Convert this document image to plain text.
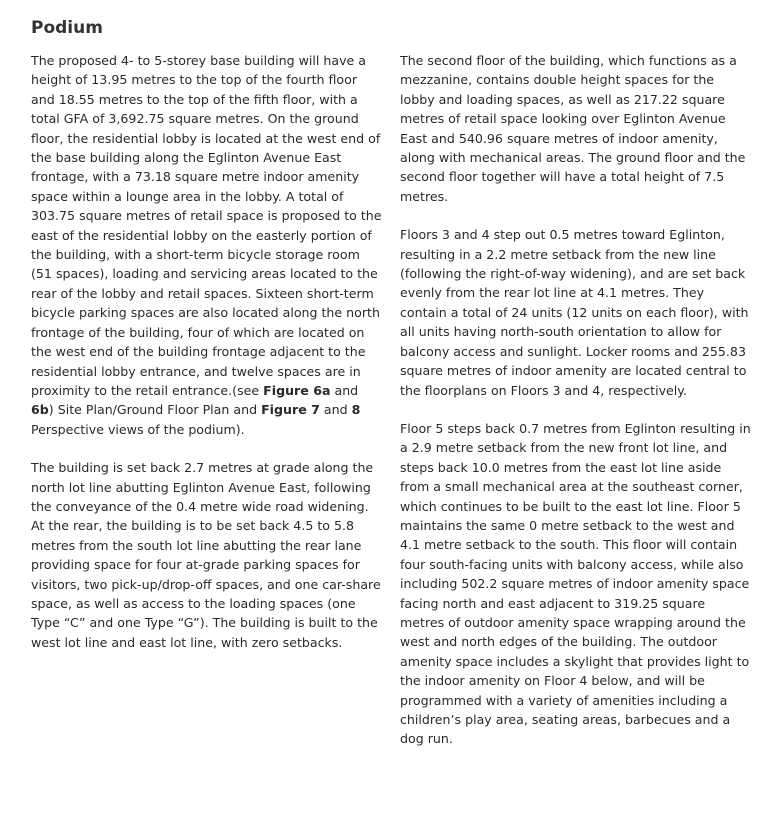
Podium

The proposed 4- to 5-storey base building will have a height of 13.95 metres to the top of the fourth floor and 18.55 metres to the top of the fifth floor, with a total GFA of 3,692.75 square metres. On the ground floor, the residential lobby is located at the west end of the base building along the Eglinton Avenue East frontage, with a 73.18 square metre indoor amenity space within a lounge area in the lobby. A total of 303.75 square metres of retail space is proposed to the east of the residential lobby on the easterly portion of the building, with a short-term bicycle storage room (51 spaces), loading and servicing areas located to the rear of the lobby and retail spaces. Sixteen short-term bicycle parking spaces are also located along the north frontage of the building, four of which are located on the west end of the building frontage adjacent to the residential lobby entrance, and twelve spaces are in proximity to the retail entrance.(see Figure 6a and 6b) Site Plan/Ground Floor Plan and Figure 7 and 8 Perspective views of the podium).

The building is set back 2.7 metres at grade along the north lot line abutting Eglinton Avenue East, following the conveyance of the 0.4 metre wide road widening. At the rear, the building is to be set back 4.5 to 5.8 metres from the south lot line abutting the rear lane providing space for four at-grade parking spaces for visitors, two pick-up/drop-off spaces, and one car-share space, as well as access to the loading spaces (one Type “C” and one Type “G”). The building is built to the west lot line and east lot line, with zero setbacks.

The second floor of the building, which functions as a mezzanine, contains double height spaces for the lobby and loading spaces, as well as 217.22 square metres of retail space looking over Eglinton Avenue East and 540.96 square metres of indoor amenity, along with mechanical areas. The ground floor and the second floor together will have a total height of 7.5 metres.

Floors 3 and 4 step out 0.5 metres toward Eglinton, resulting in a 2.2 metre setback from the new line (following the right-of-way widening), and are set back evenly from the rear lot line at 4.1 metres. They contain a total of 24 units (12 units on each floor), with all units having north-south orientation to allow for balcony access and sunlight. Locker rooms and 255.83 square metres of indoor amenity are located central to the floorplans on Floors 3 and 4, respectively.

Floor 5 steps back 0.7 metres from Eglinton resulting in a 2.9 metre setback from the new front lot line, and steps back 10.0 metres from the east lot line aside from a small mechanical area at the southeast corner, which continues to be built to the east lot line. Floor 5 maintains the same 0 metre setback to the west and 4.1 metre setback to the south. This floor will contain four south-facing units with balcony access, while also including 502.2 square metres of indoor amenity space facing north and east adjacent to 319.25 square metres of outdoor amenity space wrapping around the west and north edges of the building. The outdoor amenity space includes a skylight that provides light to the indoor amenity on Floor 4 below, and will be programmed with a variety of amenities including a children’s play area, seating areas, barbecues and a dog run.
